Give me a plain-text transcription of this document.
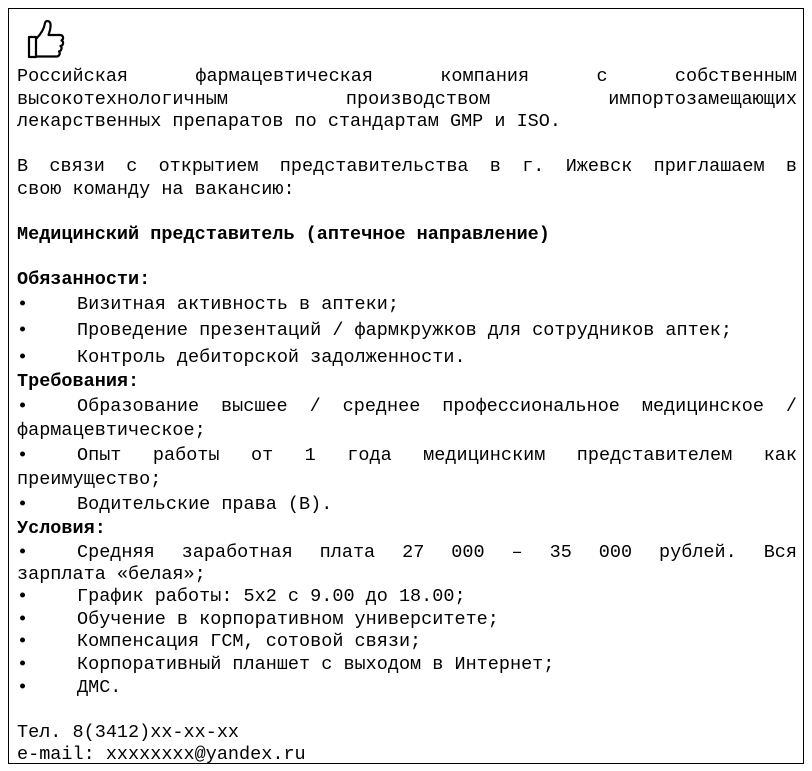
Российская фармацевтическая компания с собственным
высокотехнологичным производством импортозамещающих
лекарственных препаратов по стандартам GMP и ISO.
В связи с открытием представительства в г. Ижевск приглашаем в
свою команду на вакансию:
Медицинский представитель (аптечное направление)
Обязанности:
•	Визитная активность в аптеки;
•	Проведение презентаций / фармкружков для сотрудников аптек;
•	Контроль дебиторской задолженности.
Требования:
•	Образование высшее / среднее профессиональное медицинское /
фармацевтическое;
•	Опыт работы от 1 года медицинским представителем как
преимущество;
•	Водительские права (B).
Условия:
•	Средняя заработная плата 27 000 – 35 000 рублей. Вся
зарплата «белая»;
•	График работы: 5х2 с 9.00 до 18.00;
•	Обучение в корпоративном университете;
•	Компенсация ГСМ, сотовой связи;
•	Корпоративный планшет с выходом в Интернет;
•	ДМС.
Тел. 8(3412)хх-хх-хх
e-mail: хххххххх@yandex.ru
